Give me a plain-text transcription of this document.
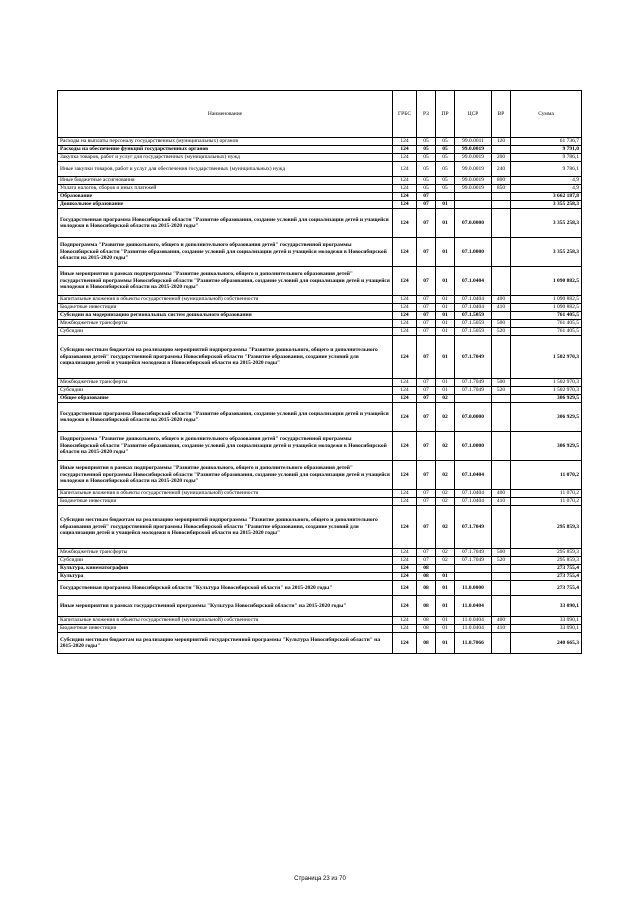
Наименование	ГРБС	РЗ	ПР	ЦСР	ВР	Сумма
Расходы на выплаты персоналу государственных (муниципальных) органов	124	05	05	99.0.0011	120	61 736,7
Расходы на обеспечение функций государственных органов	124	05	05	99.0.0019		9 791,0
Закупка товаров, работ и услуг для государственных (муниципальных) нужд	124	05	05	99.0.0019	200	9 786,1
Иные закупки товаров, работ и услуг для обеспечения государственных (муниципальных) нужд	124	05	05	99.0.0019	240	9 786,1
Иные бюджетные ассигнования	124	05	05	99.0.0019	800	4,9
Уплата налогов, сборов и иных платежей	124	05	05	99.0.0019	850	4,9
Образование	124	07				3 662 187,8
Дошкольное образование	124	07	01			3 355 258,3
Государственная программа Новосибирской области "Развитие образования, создание условий для социализации детей и учащейся молодежи в Новосибирской области на 2015-2020 годы"	124	07	01	07.0.0000		3 355 258,3
Подпрограмма "Развитие дошкольного, общего и дополнительного образования детей" государственной программы Новосибирской области "Развитие образования, создание условий для социализации детей и учащейся молодежи в Новосибирской области на 2015-2020 годы"	124	07	01	07.1.0000		3 355 258,3
Иные мероприятия в рамках подпрограммы "Развитие дошкольного, общего и дополнительного образования детей" государственной программы Новосибирской области "Развитие образования, создание условий для социализации детей и учащейся молодежи в Новосибирской области на 2015-2020 годы"	124	07	01	07.1.0404		1 090 882,5
Капитальные вложения в объекты государственной (муниципальной) собственности	124	07	01	07.1.0404	400	1 090 882,5
Бюджетные инвестиции	124	07	01	07.1.0404	410	1 090 882,5
Субсидии на модернизацию региональных систем дошкольного образования	124	07	01	07.1.5059		761 405,5
Межбюджетные трансферты	124	07	01	07.1.5059	500	761 405,5
Субсидии	124	07	01	07.1.5059	520	761 405,5
Субсидии местным бюджетам на реализацию мероприятий подпрограммы "Развитие дошкольного, общего и дополнительного образования детей" государственной программы Новосибирской области "Развитие образования, создание условий для социализации детей и учащейся молодежи в Новосибирской области на 2015-2020 годы"	124	07	01	07.1.7049		1 502 970,3
Межбюджетные трансферты	124	07	01	07.1.7049	500	1 502 970,3
Субсидии	124	07	01	07.1.7049	520	1 502 970,3
Общее образование	124	07	02			306 929,5
Государственная программа Новосибирской области "Развитие образования, создание условий для социализации детей и учащейся молодежи в Новосибирской области на 2015-2020 годы"	124	07	02	07.0.0000		306 929,5
Подпрограмма "Развитие дошкольного, общего и дополнительного образования детей" государственной программы Новосибирской области "Развитие образования, создание условий для социализации детей и учащейся молодежи в Новосибирской области на 2015-2020 годы"	124	07	02	07.1.0000		306 929,5
Иные мероприятия в рамках подпрограммы "Развитие дошкольного, общего и дополнительного образования детей" государственной программы Новосибирской области "Развитие образования, создание условий для социализации детей и учащейся молодежи в Новосибирской области на 2015-2020 годы"	124	07	02	07.1.0404		11 070,2
Капитальные вложения в объекты государственной (муниципальной) собственности	124	07	02	07.1.0404	400	11 070,2
Бюджетные инвестиции	124	07	02	07.1.0404	410	11 070,2
Субсидии местным бюджетам на реализацию мероприятий подпрограммы "Развитие дошкольного, общего и дополнительного образования детей" государственной программы Новосибирской области "Развитие образования, создание условий для социализации детей и учащейся молодежи в Новосибирской области на 2015-2020 годы"	124	07	02	07.1.7049		295 859,3
Межбюджетные трансферты	124	07	02	07.1.7049	500	295 859,3
Субсидии	124	07	02	07.1.7049	520	295 859,3
Культура, кинематография	124	08				273 755,4
Культура	124	08	01			273 755,4
Государственная программа Новосибирской области "Культура Новосибирской области" на 2015-2020 годы"	124	08	01	11.0.0000		273 755,4
Иные мероприятия в рамках государственной программы "Культура Новосибирской области" на 2015-2020 годы"	124	08	01	11.0.0404		33 090,1
Капитальные вложения в объекты государственной (муниципальной) собственности	124	08	01	11.0.0404	400	33 090,1
Бюджетные инвестиции	124	08	01	11.0.0404	410	33 090,1
Субсидии местным бюджетам на реализацию мероприятий государственной программы "Культура Новосибирской области" на 2015-2020 годы"	124	08	01	11.0.7066		240 665,3
Страница 23 из 70
